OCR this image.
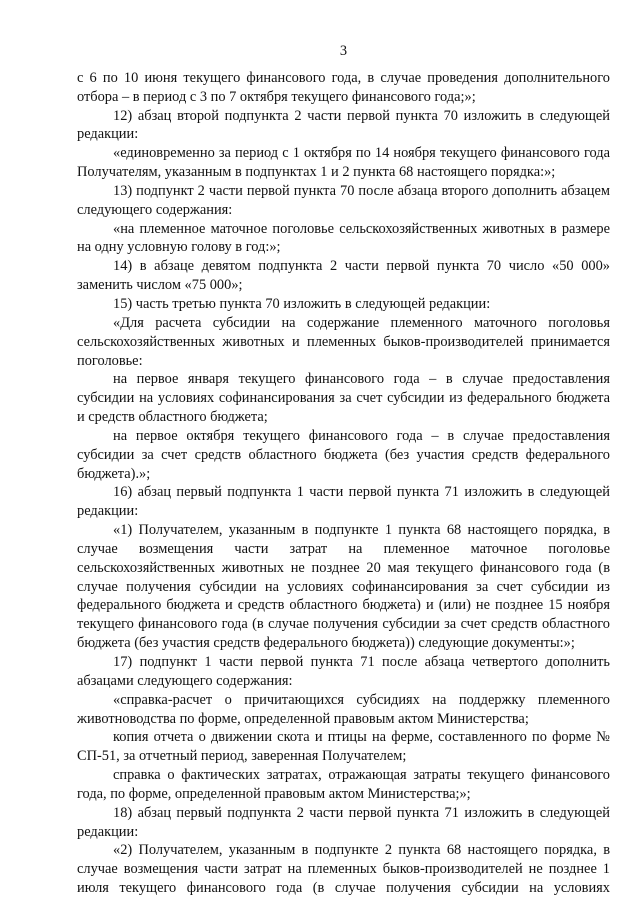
3

с 6 по 10 июня текущего финансового года, в случае проведения дополнительного отбора – в период с 3 по 7 октября текущего финансового года;»;

12) абзац второй подпункта 2 части первой пункта 70 изложить в следующей редакции:

«единовременно за период с 1 октября по 14 ноября текущего финансового года Получателям, указанным в подпунктах 1 и 2 пункта 68 настоящего порядка:»;

13) подпункт 2 части первой пункта 70 после абзаца второго дополнить абзацем следующего содержания:

«на племенное маточное поголовье сельскохозяйственных животных в размере на одну условную голову в год:»;

14) в абзаце девятом подпункта 2 части первой пункта 70 число «50 000» заменить числом «75 000»;

15) часть третью пункта 70 изложить в следующей редакции:

«Для расчета субсидии на содержание племенного маточного поголовья сельскохозяйственных животных и племенных быков-производителей принимается поголовье:

на первое января текущего финансового года – в случае предоставления субсидии на условиях софинансирования за счет субсидии из федерального бюджета и средств областного бюджета;

на первое октября текущего финансового года – в случае предоставления субсидии за счет средств областного бюджета (без участия средств федерального бюджета).»;

16) абзац первый подпункта 1 части первой пункта 71 изложить в следующей редакции:

«1) Получателем, указанным в подпункте 1 пункта 68 настоящего порядка, в случае возмещения части затрат на племенное маточное поголовье сельскохозяйственных животных не позднее 20 мая текущего финансового года (в случае получения субсидии на условиях софинансирования за счет субсидии из федерального бюджета и средств областного бюджета) и (или) не позднее 15 ноября текущего финансового года (в случае получения субсидии за счет средств областного бюджета (без участия средств федерального бюджета)) следующие документы:»;

17) подпункт 1 части первой пункта 71 после абзаца четвертого дополнить абзацами следующего содержания:

«справка-расчет о причитающихся субсидиях на поддержку племенного животноводства по форме, определенной правовым актом Министерства;

копия отчета о движении скота и птицы на ферме, составленного по форме № СП-51, за отчетный период, заверенная Получателем;

справка о фактических затратах, отражающая затраты текущего финансового года, по форме, определенной правовым актом Министерства;»;

18) абзац первый подпункта 2 части первой пункта 71 изложить в следующей редакции:

«2) Получателем, указанным в подпункте 2 пункта 68 настоящего порядка, в случае возмещения части затрат на племенных быков-производителей не позднее 1 июля текущего финансового года (в случае получения субсидии на условиях
